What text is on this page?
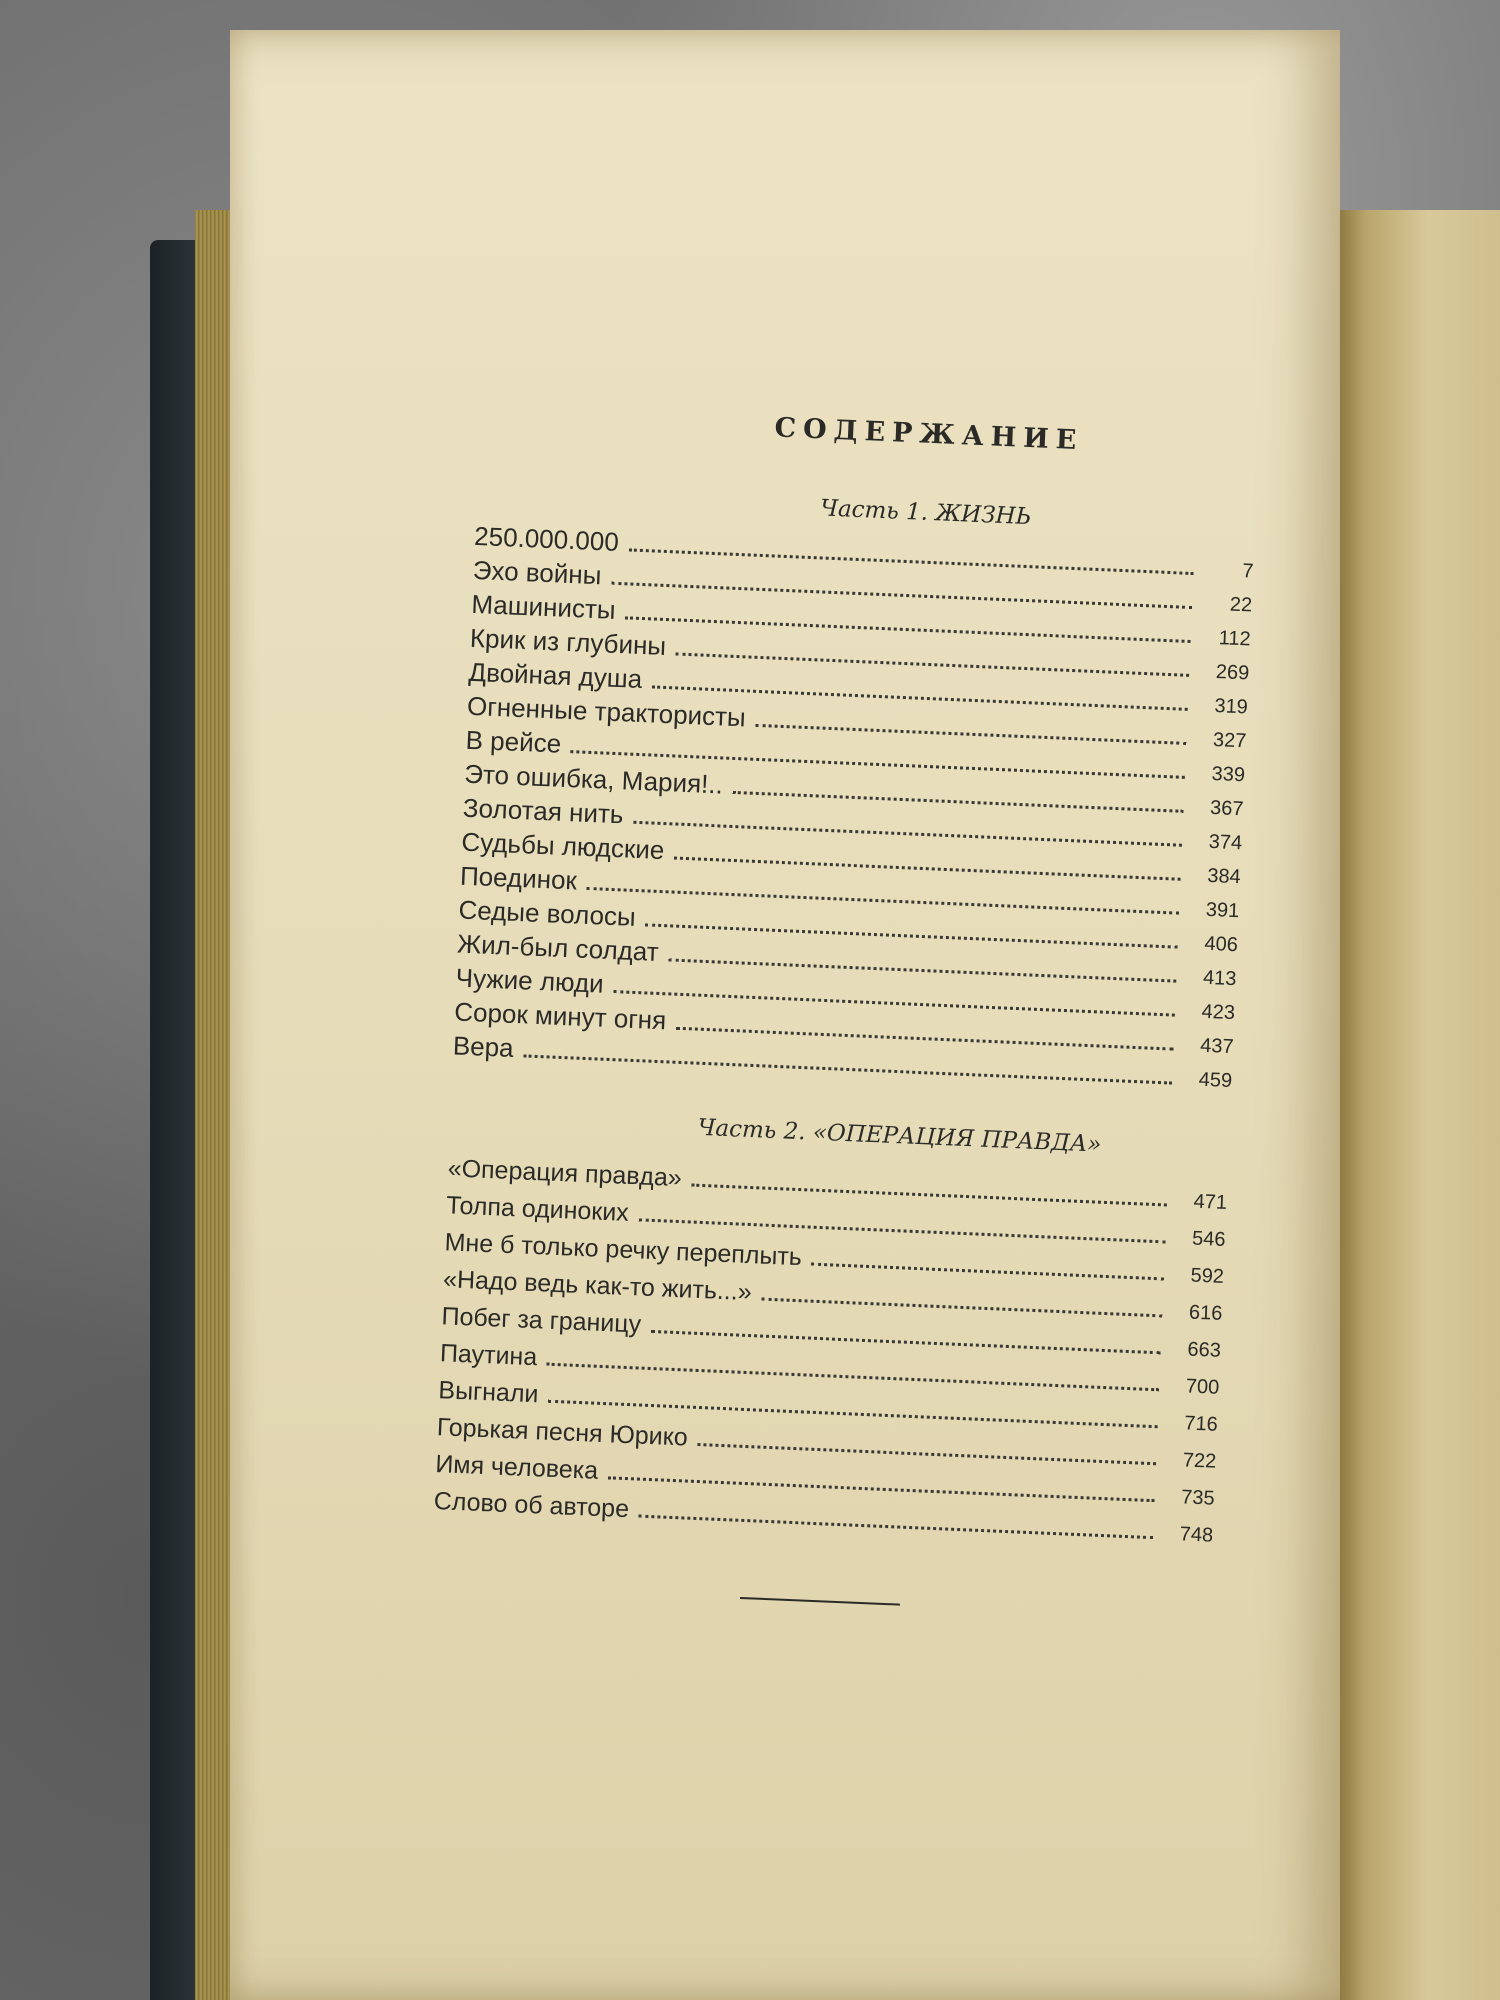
СОДЕРЖАНИЕ
Часть 1. ЖИЗНЬ
250.000.000
7
Эхо войны
22
Машинисты
112
Крик из глубины
269
Двойная душа
319
Огненные трактористы
327
В рейсе
339
Это ошибка, Мария!..
367
Золотая нить
374
Судьбы людские
384
Поединок
391
Седые волосы
406
Жил-был солдат
413
Чужие люди
423
Сорок минут огня
437
Вера
459
Часть 2. «ОПЕРАЦИЯ ПРАВДА»
«Операция правда»
471
Толпа одиноких
546
Мне б только речку переплыть
592
«Надо ведь как-то жить...»
616
Побег за границу
663
Паутина
700
Выгнали
716
Горькая песня Юрико
722
Имя человека
735
Слово об авторе
748
